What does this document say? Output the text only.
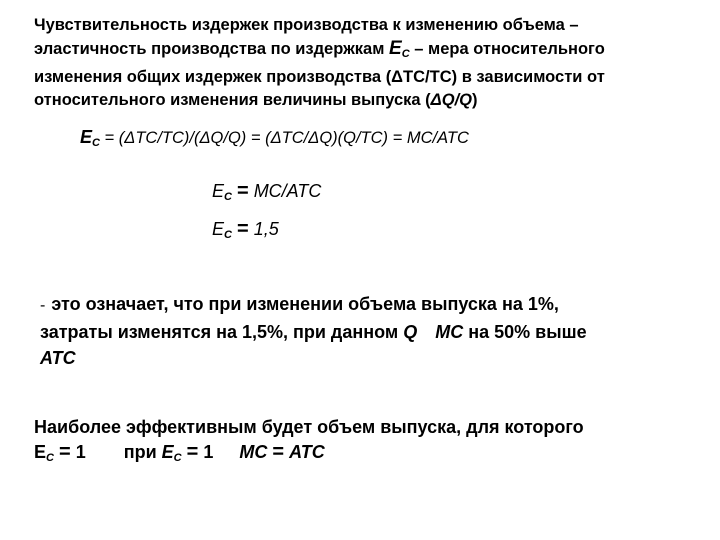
Чувствительность издержек производства к изменению объема –
эластичность производства по издержкам $E_C$ – мера относительного
изменения общих издержек производства (ΔTC/TC) в зависимости от
относительного изменения величины выпуска (ΔQ/Q)
$E_C = (\Delta TC/TC)/(\Delta Q/Q) = (\Delta TC/\Delta Q)(Q/TC) = MC/ATC$
$E_C = MC/ATC$
$E_C = 1,5$
- это означает, что при изменении объема выпуска на 1%,
затраты изменятся на 1,5%, при данном Q MC на 50% выше
ATC
Наиболее эффективным будет объем выпуска, для которого
$E_C = 1$ при $E_C = 1$ MC = ATC
